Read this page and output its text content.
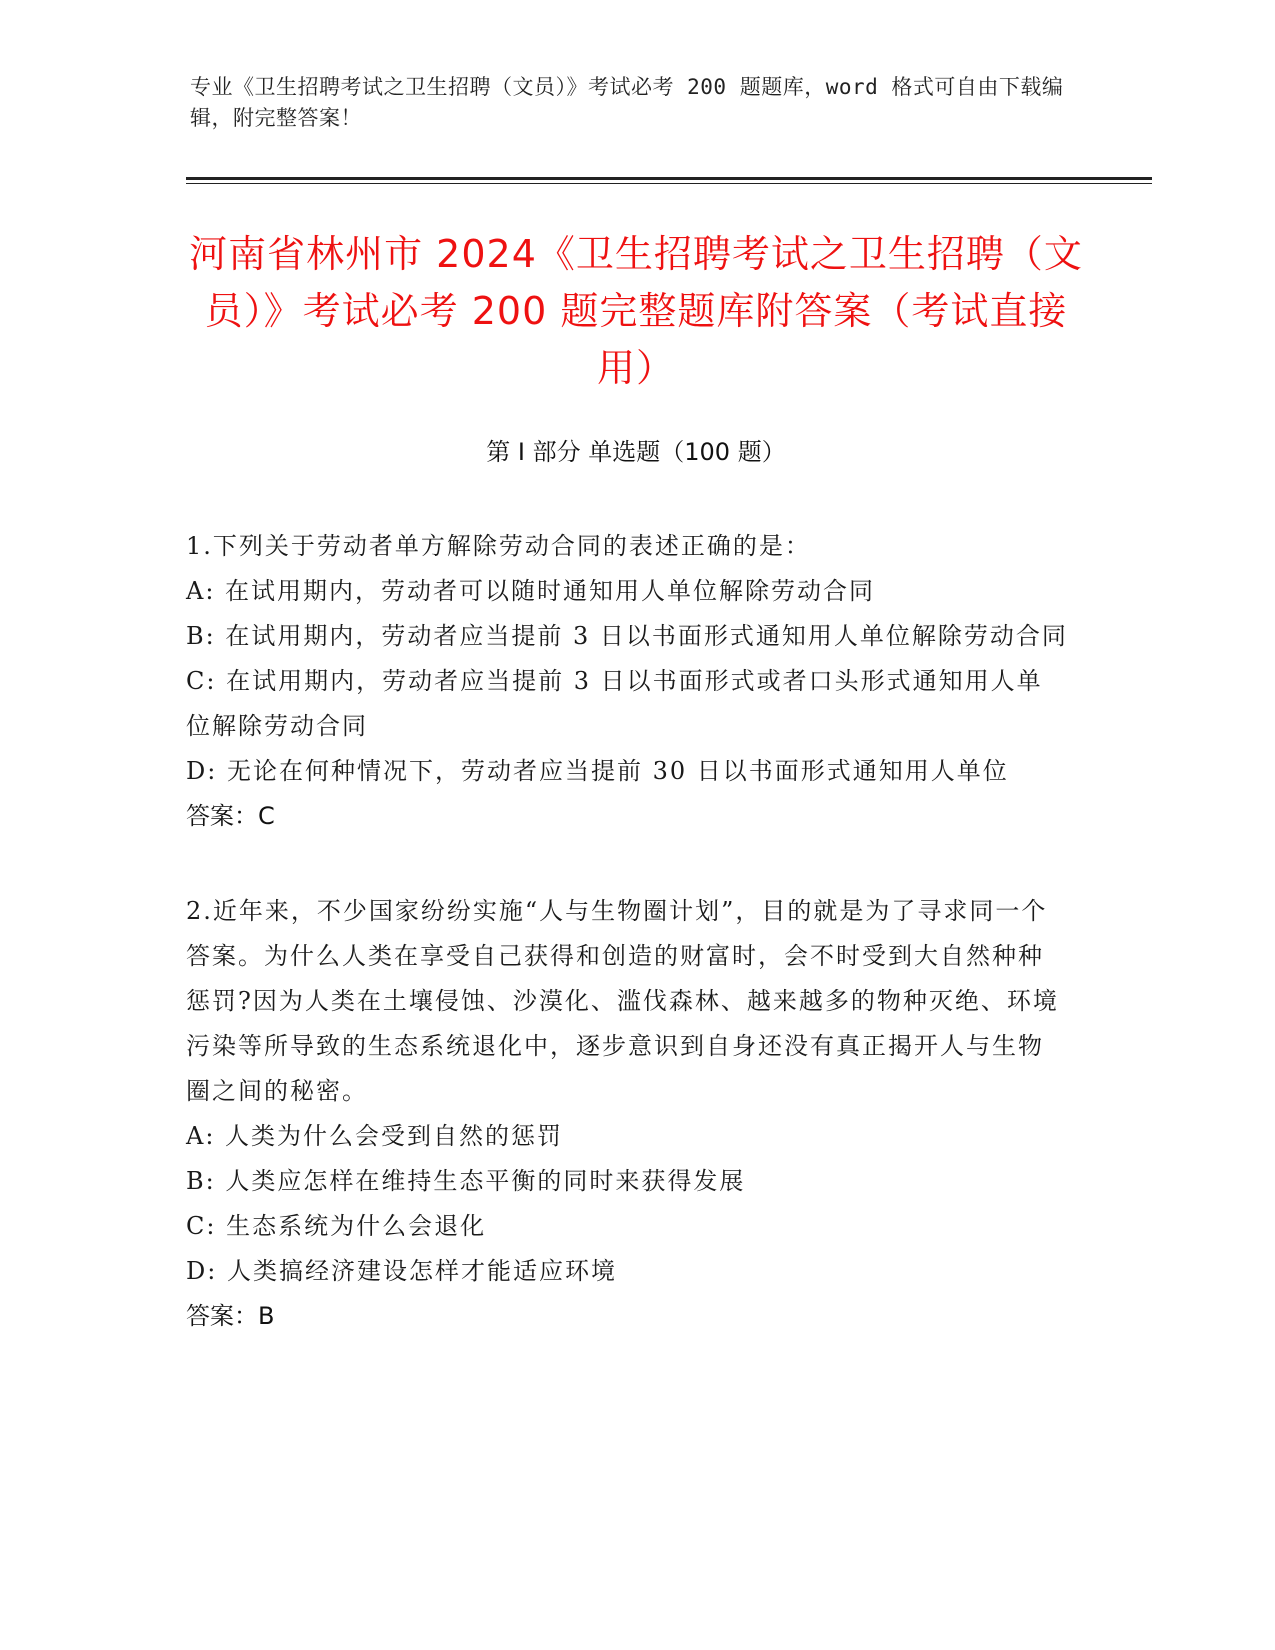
专业《卫生招聘考试之卫生招聘（文员）》考试必考 200 题题库，word 格式可自由下载编辑，附完整答案！
河南省林州市 2024《卫生招聘考试之卫生招聘（文员）》考试必考 200 题完整题库附答案（考试直接用）
第 I 部分 单选题（100 题）
1.下列关于劳动者单方解除劳动合同的表述正确的是：
A: 在试用期内，劳动者可以随时通知用人单位解除劳动合同
B: 在试用期内，劳动者应当提前 3 日以书面形式通知用人单位解除劳动合同
C: 在试用期内，劳动者应当提前 3 日以书面形式或者口头形式通知用人单位解除劳动合同
D: 无论在何种情况下，劳动者应当提前 30 日以书面形式通知用人单位
答案：C
2.近年来，不少国家纷纷实施“人与生物圈计划”，目的就是为了寻求同一个答案。为什么人类在享受自己获得和创造的财富时，会不时受到大自然种种惩罚?因为人类在土壤侵蚀、沙漠化、滥伐森林、越来越多的物种灭绝、环境污染等所导致的生态系统退化中，逐步意识到自身还没有真正揭开人与生物圈之间的秘密。
A: 人类为什么会受到自然的惩罚
B: 人类应怎样在维持生态平衡的同时来获得发展
C: 生态系统为什么会退化
D: 人类搞经济建设怎样才能适应环境
答案：B
